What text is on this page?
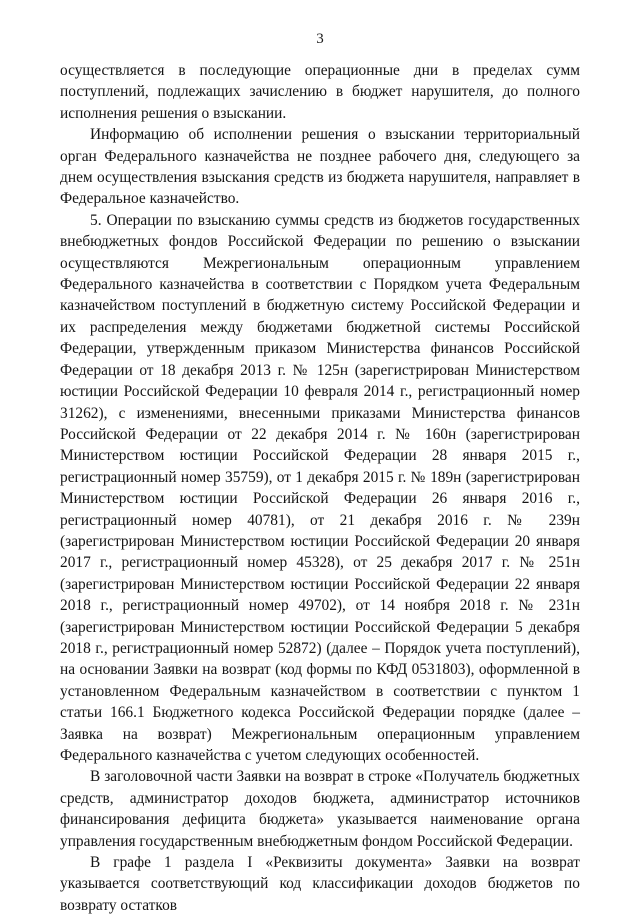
3

осуществляется в последующие операционные дни в пределах сумм поступлений, подлежащих зачислению в бюджет нарушителя, до полного исполнения решения о взыскании.

Информацию об исполнении решения о взыскании территориальный орган Федерального казначейства не позднее рабочего дня, следующего за днем осуществления взыскания средств из бюджета нарушителя, направляет в Федеральное казначейство.

5. Операции по взысканию суммы средств из бюджетов государственных внебюджетных фондов Российской Федерации по решению о взыскании осуществляются Межрегиональным операционным управлением Федерального казначейства в соответствии с Порядком учета Федеральным казначейством поступлений в бюджетную систему Российской Федерации и их распределения между бюджетами бюджетной системы Российской Федерации, утвержденным приказом Министерства финансов Российской Федерации от 18 декабря 2013 г. № 125н (зарегистрирован Министерством юстиции Российской Федерации 10 февраля 2014 г., регистрационный номер 31262), с изменениями, внесенными приказами Министерства финансов Российской Федерации от 22 декабря 2014 г. № 160н (зарегистрирован Министерством юстиции Российской Федерации 28 января 2015 г., регистрационный номер 35759), от 1 декабря 2015 г. № 189н (зарегистрирован Министерством юстиции Российской Федерации 26 января 2016 г., регистрационный номер 40781), от 21 декабря 2016 г. № 239н (зарегистрирован Министерством юстиции Российской Федерации 20 января 2017 г., регистрационный номер 45328), от 25 декабря 2017 г. № 251н (зарегистрирован Министерством юстиции Российской Федерации 22 января 2018 г., регистрационный номер 49702), от 14 ноября 2018 г. № 231н (зарегистрирован Министерством юстиции Российской Федерации 5 декабря 2018 г., регистрационный номер 52872) (далее – Порядок учета поступлений), на основании Заявки на возврат (код формы по КФД 0531803), оформленной в установленном Федеральным казначейством в соответствии с пунктом 1 статьи 166.1 Бюджетного кодекса Российской Федерации порядке (далее – Заявка на возврат) Межрегиональным операционным управлением Федерального казначейства с учетом следующих особенностей.

В заголовочной части Заявки на возврат в строке «Получатель бюджетных средств, администратор доходов бюджета, администратор источников финансирования дефицита бюджета» указывается наименование органа управления государственным внебюджетным фондом Российской Федерации.

В графе 1 раздела I «Реквизиты документа» Заявки на возврат указывается соответствующий код классификации доходов бюджетов по возврату остатков
